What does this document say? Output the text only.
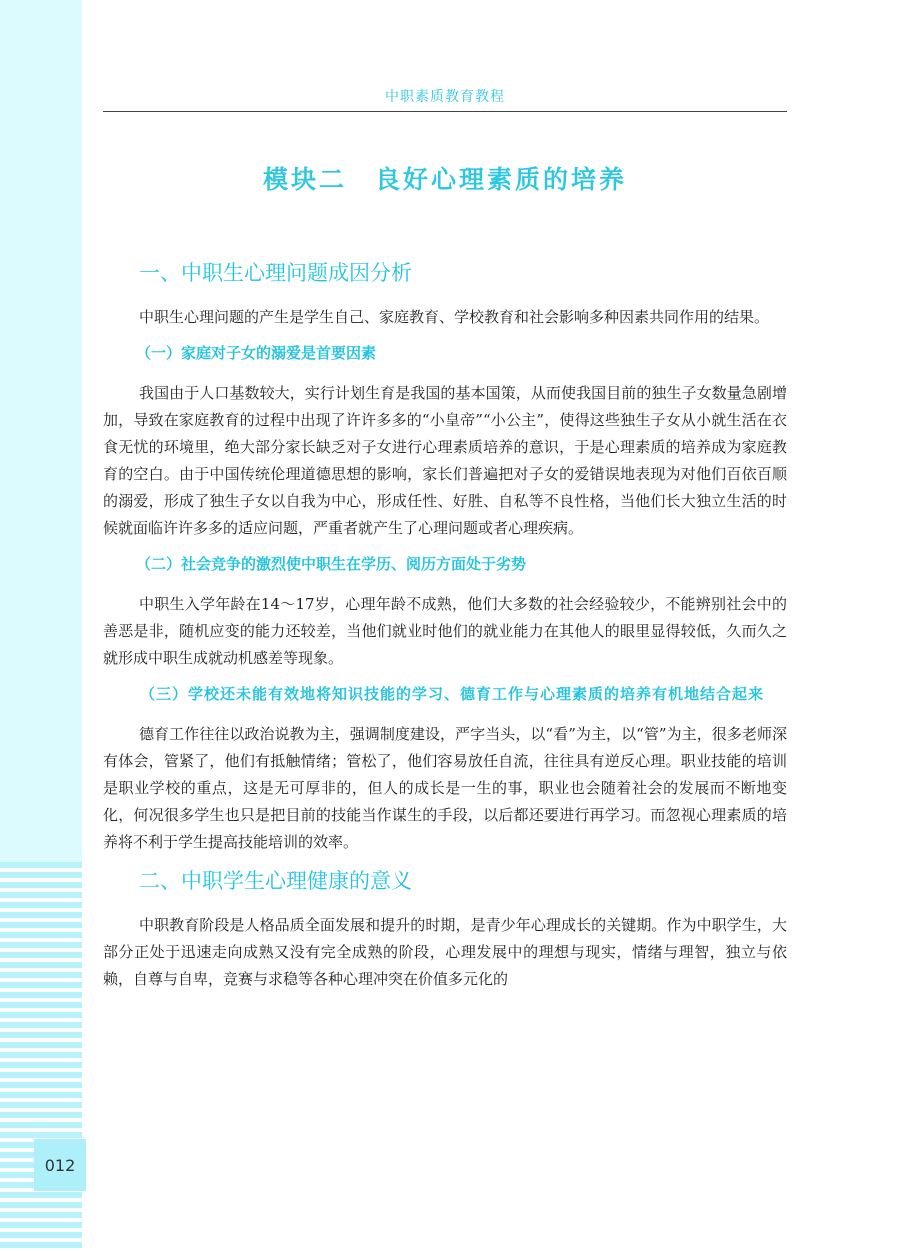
012
中职素质教育教程
模块二　良好心理素质的培养
一、中职生心理问题成因分析

中职生心理问题的产生是学生自己、家庭教育、学校教育和社会影响多种因素共同作用的结果。

（一）家庭对子女的溺爱是首要因素

我国由于人口基数较大，实行计划生育是我国的基本国策，从而使我国目前的独生子女数量急剧增加，导致在家庭教育的过程中出现了许许多多的“小皇帝”“小公主”，使得这些独生子女从小就生活在衣食无忧的环境里，绝大部分家长缺乏对子女进行心理素质培养的意识，于是心理素质的培养成为家庭教育的空白。由于中国传统伦理道德思想的影响，家长们普遍把对子女的爱错误地表现为对他们百依百顺的溺爱，形成了独生子女以自我为中心，形成任性、好胜、自私等不良性格，当他们长大独立生活的时候就面临许许多多的适应问题，严重者就产生了心理问题或者心理疾病。

（二）社会竞争的激烈使中职生在学历、阅历方面处于劣势

中职生入学年龄在14～17岁，心理年龄不成熟，他们大多数的社会经验较少，不能辨别社会中的善恶是非，随机应变的能力还较差，当他们就业时他们的就业能力在其他人的眼里显得较低，久而久之就形成中职生成就动机感差等现象。

（三）学校还未能有效地将知识技能的学习、德育工作与心理素质的培养有机地结合起来

德育工作往往以政治说教为主，强调制度建设，严字当头，以“看”为主，以“管”为主，很多老师深有体会，管紧了，他们有抵触情绪；管松了，他们容易放任自流，往往具有逆反心理。职业技能的培训是职业学校的重点，这是无可厚非的，但人的成长是一生的事，职业也会随着社会的发展而不断地变化，何况很多学生也只是把目前的技能当作谋生的手段，以后都还要进行再学习。而忽视心理素质的培养将不利于学生提高技能培训的效率。

二、中职学生心理健康的意义

中职教育阶段是人格品质全面发展和提升的时期，是青少年心理成长的关键期。作为中职学生，大部分正处于迅速走向成熟又没有完全成熟的阶段，心理发展中的理想与现实，情绪与理智，独立与依赖，自尊与自卑，竞赛与求稳等各种心理冲突在价值多元化的
